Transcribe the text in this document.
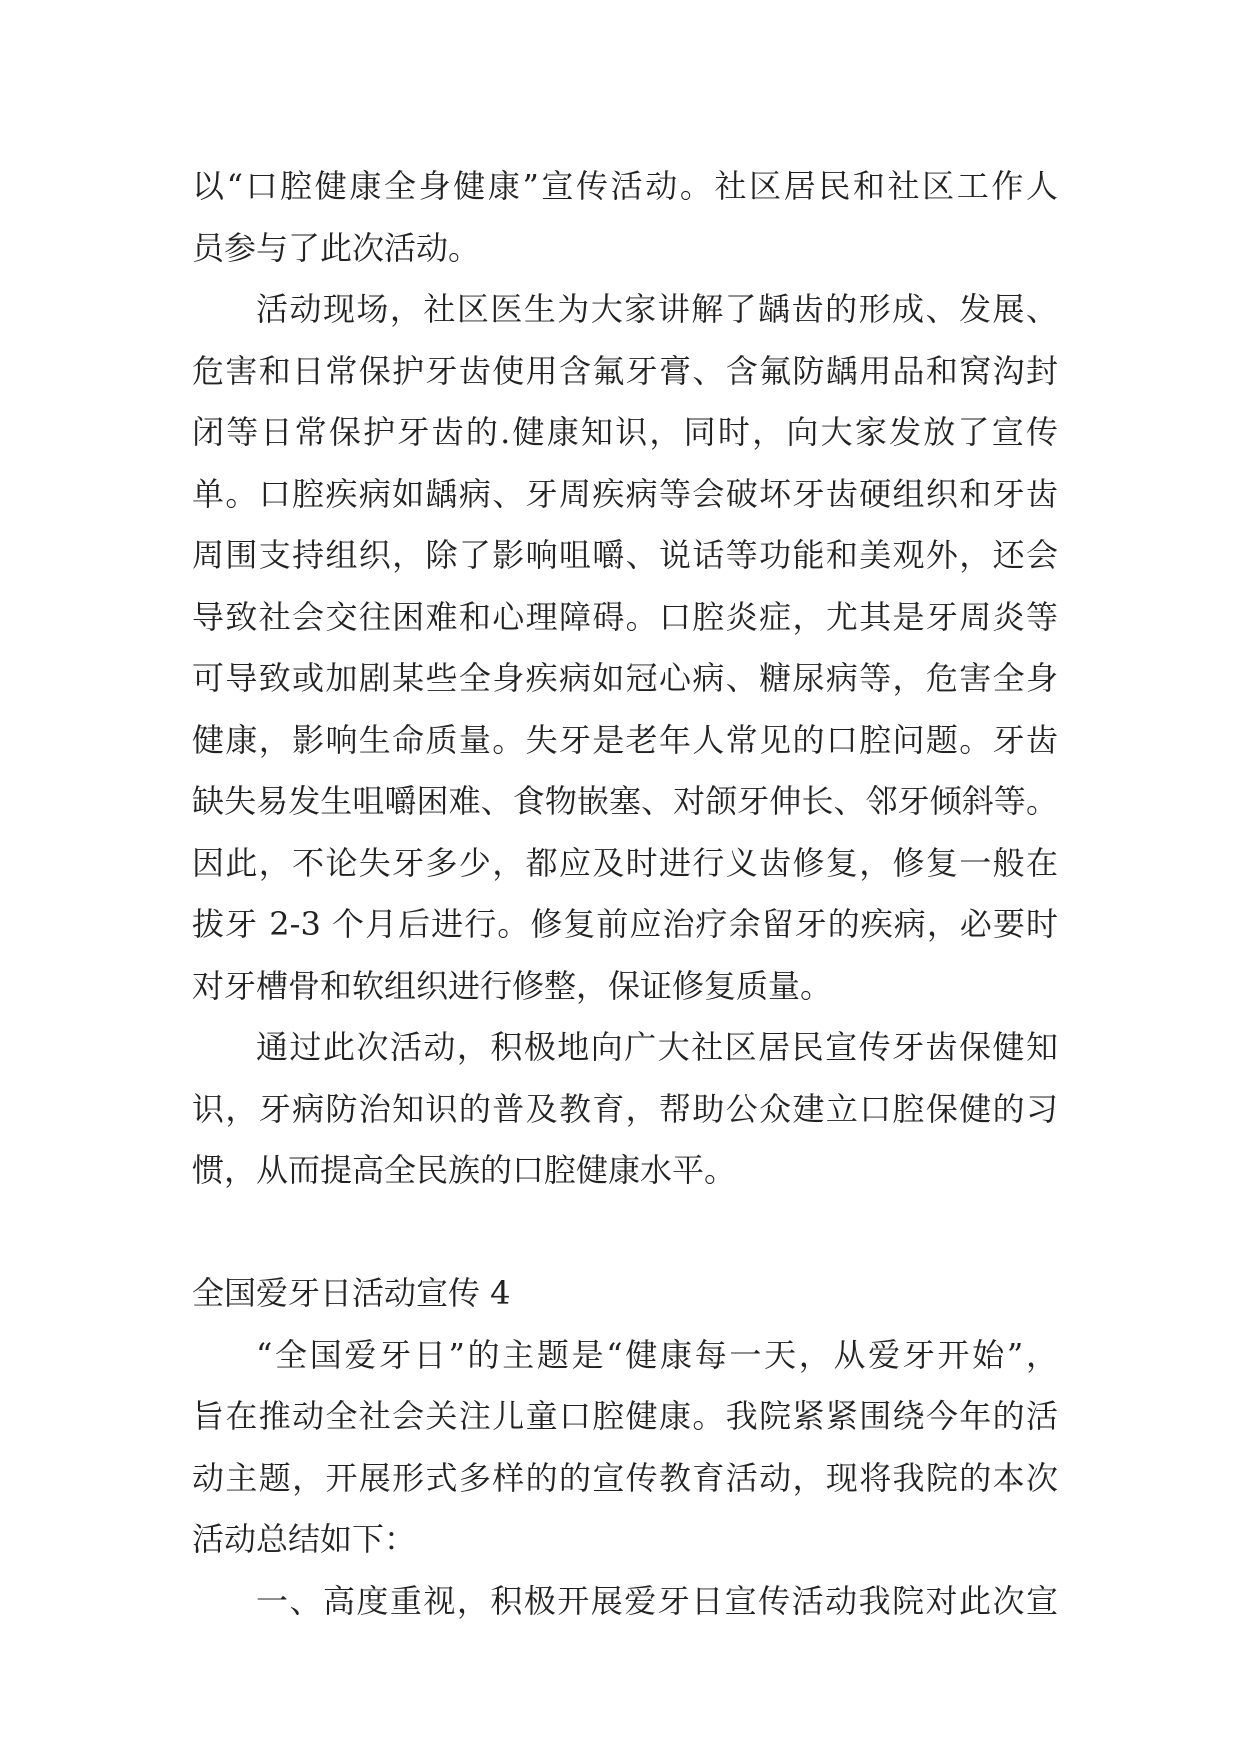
以“口腔健康全身健康”宣传活动。社区居民和社区工作人
员参与了此次活动。
活动现场，社区医生为大家讲解了龋齿的形成、发展、
危害和日常保护牙齿使用含氟牙膏、含氟防龋用品和窝沟封
闭等日常保护牙齿的.健康知识，同时，向大家发放了宣传
单。口腔疾病如龋病、牙周疾病等会破坏牙齿硬组织和牙齿
周围支持组织，除了影响咀嚼、说话等功能和美观外，还会
导致社会交往困难和心理障碍。口腔炎症，尤其是牙周炎等
可导致或加剧某些全身疾病如冠心病、糖尿病等，危害全身
健康，影响生命质量。失牙是老年人常见的口腔问题。牙齿
缺失易发生咀嚼困难、食物嵌塞、对颌牙伸长、邻牙倾斜等。
因此，不论失牙多少，都应及时进行义齿修复，修复一般在
拔牙 2-3 个月后进行。修复前应治疗余留牙的疾病，必要时
对牙槽骨和软组织进行修整，保证修复质量。
通过此次活动，积极地向广大社区居民宣传牙齿保健知
识，牙病防治知识的普及教育，帮助公众建立口腔保健的习
惯，从而提高全民族的口腔健康水平。
全国爱牙日活动宣传 4
“全国爱牙日”的主题是“健康每一天，从爱牙开始”，
旨在推动全社会关注儿童口腔健康。我院紧紧围绕今年的活
动主题，开展形式多样的的宣传教育活动，现将我院的本次
活动总结如下：
一、高度重视，积极开展爱牙日宣传活动我院对此次宣
